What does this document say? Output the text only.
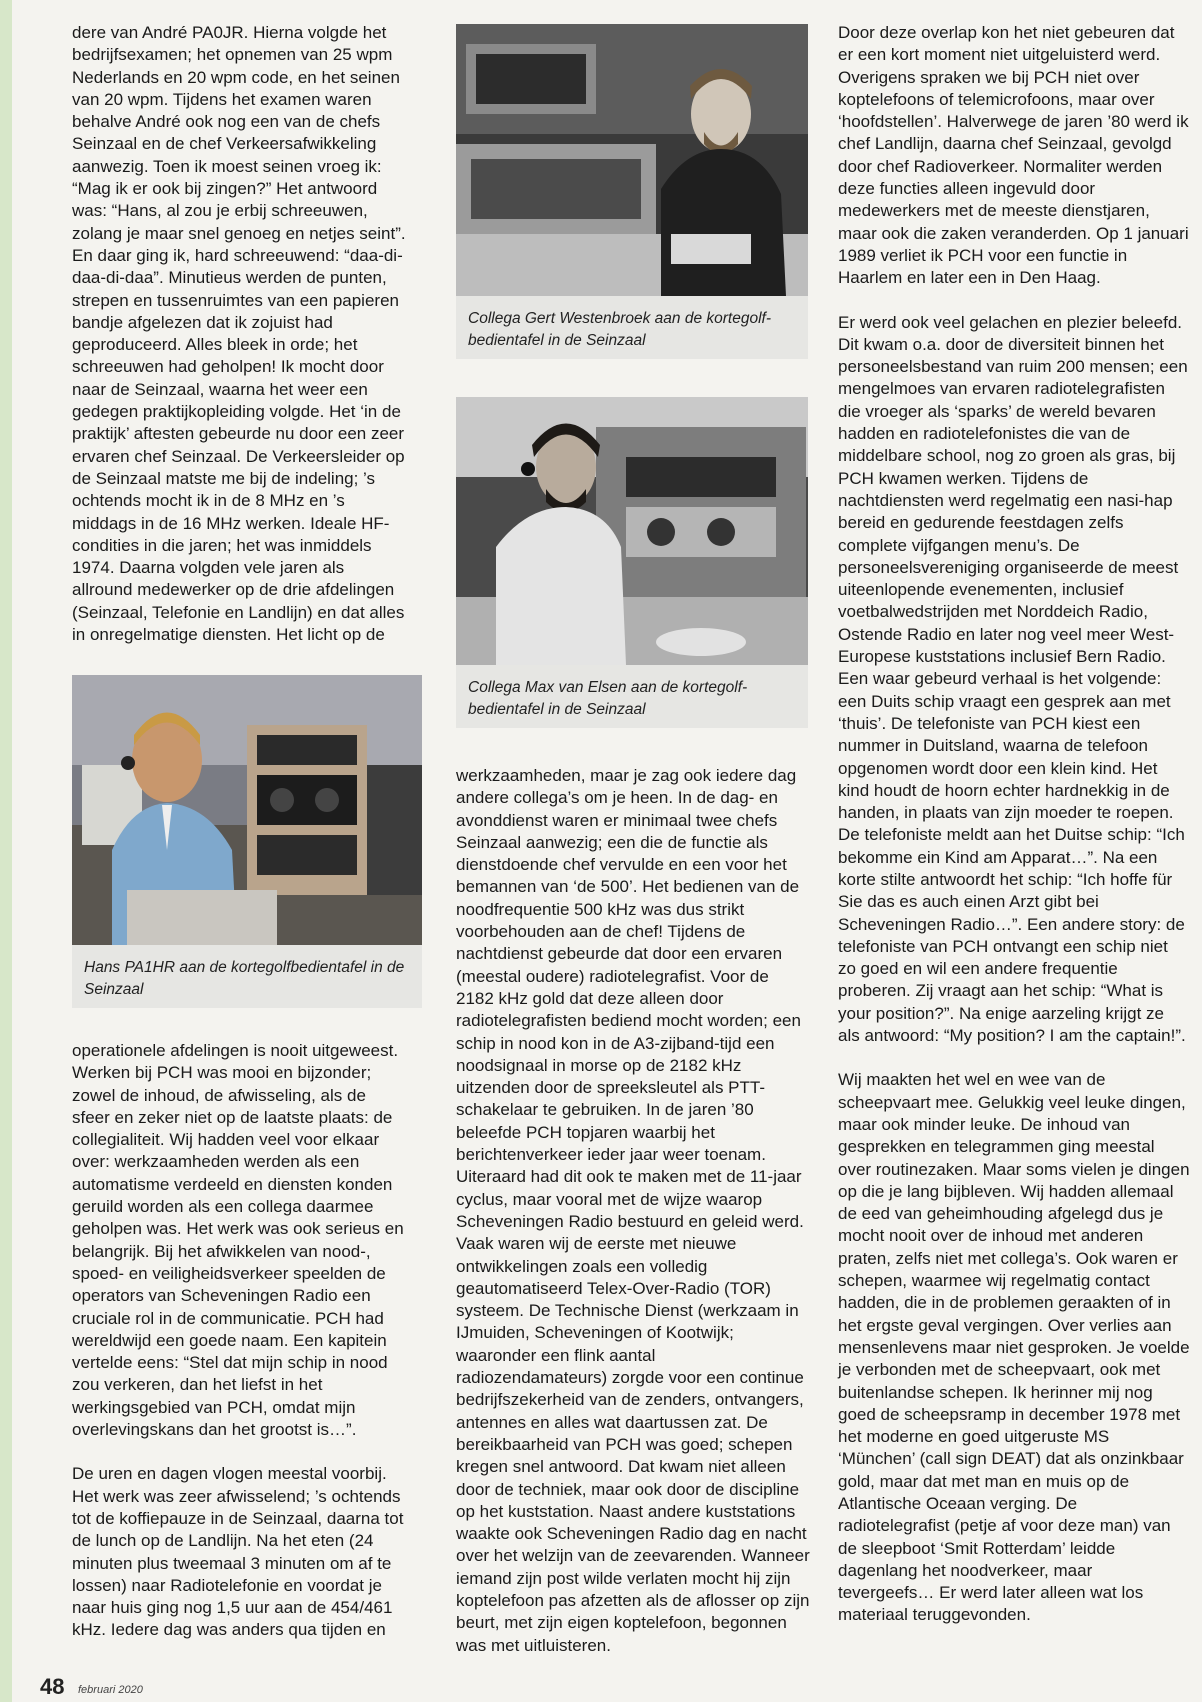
dere van André PA0JR. Hierna volgde het bedrijfsexamen; het opnemen van 25 wpm Nederlands en 20 wpm code, en het seinen van 20 wpm. Tijdens het examen waren behalve André ook nog een van de chefs Seinzaal en de chef Verkeersafwikkeling aanwezig. Toen ik moest seinen vroeg ik: “Mag ik er ook bij zingen?” Het antwoord was: “Hans, al zou je erbij schreeuwen, zolang je maar snel genoeg en netjes seint”. En daar ging ik, hard schreeuwend: “daa-di-daa-di-daa”. Minutieus werden de punten, strepen en tussenruimtes van een papieren bandje afgelezen dat ik zojuist had geproduceerd. Alles bleek in orde; het schreeuwen had geholpen! Ik mocht door naar de Seinzaal, waarna het weer een gedegen praktijkopleiding volgde. Het ‘in de praktijk’ aftesten gebeurde nu door een zeer ervaren chef Seinzaal. De Verkeersleider op de Seinzaal matste me bij de indeling; ’s ochtends mocht ik in de 8 MHz en ’s middags in de 16 MHz werken. Ideale HF-condities in die jaren; het was inmiddels 1974. Daarna volgden vele jaren als allround medewerker op de drie afdelingen (Seinzaal, Telefonie en Landlijn) en dat alles in onregelmatige diensten. Het licht op de

Hans PA1HR aan de kortegolfbedientafel in de Seinzaal

operationele afdelingen is nooit uitgeweest. Werken bij PCH was mooi en bijzonder; zowel de inhoud, de afwisseling, als de sfeer en zeker niet op de laatste plaats: de collegialiteit. Wij hadden veel voor elkaar over: werkzaamheden werden als een automatisme verdeeld en diensten konden geruild worden als een collega daarmee geholpen was. Het werk was ook serieus en belangrijk. Bij het afwikkelen van nood-, spoed- en veiligheidsverkeer speelden de operators van Scheveningen Radio een cruciale rol in de communicatie. PCH had wereldwijd een goede naam. Een kapitein vertelde eens: “Stel dat mijn schip in nood zou verkeren, dan het liefst in het werkingsgebied van PCH, omdat mijn overlevingskans dan het grootst is…”.

De uren en dagen vlogen meestal voorbij. Het werk was zeer afwisselend; ’s ochtends tot de koffiepauze in de Seinzaal, daarna tot de lunch op de Landlijn. Na het eten (24 minuten plus tweemaal 3 minuten om af te lossen) naar Radiotelefonie en voordat je naar huis ging nog 1,5 uur aan de 454/461 kHz. Iedere dag was anders qua tijden en

Collega Gert Westenbroek aan de kortegolf-bedientafel in de Seinzaal
Collega Max van Elsen aan de kortegolf-bedientafel in de Seinzaal

werkzaamheden, maar je zag ook iedere dag andere collega’s om je heen. In de dag- en avonddienst waren er minimaal twee chefs Seinzaal aanwezig; een die de functie als dienstdoende chef vervulde en een voor het bemannen van ‘de 500’. Het bedienen van de noodfrequentie 500 kHz was dus strikt voorbehouden aan de chef! Tijdens de nachtdienst gebeurde dat door een ervaren (meestal oudere) radiotelegrafist. Voor de 2182 kHz gold dat deze alleen door radiotelegrafisten bediend mocht worden; een schip in nood kon in de A3-zijband-tijd een noodsignaal in morse op de 2182 kHz uitzenden door de spreeksleutel als PTT-schakelaar te gebruiken. In de jaren ’80 beleefde PCH topjaren waarbij het berichtenverkeer ieder jaar weer toenam. Uiteraard had dit ook te maken met de 11-jaar cyclus, maar vooral met de wijze waarop Scheveningen Radio bestuurd en geleid werd. Vaak waren wij de eerste met nieuwe ontwikkelingen zoals een volledig geautomatiseerd Telex-Over-Radio (TOR) systeem. De Technische Dienst (werkzaam in IJmuiden, Scheveningen of Kootwijk; waaronder een flink aantal radiozendamateurs) zorgde voor een continue bedrijfszekerheid van de zenders, ontvangers, antennes en alles wat daartussen zat. De bereikbaarheid van PCH was goed; schepen kregen snel antwoord. Dat kwam niet alleen door de techniek, maar ook door de discipline op het kuststation. Naast andere kuststations waakte ook Scheveningen Radio dag en nacht over het welzijn van de zeevarenden. Wanneer iemand zijn post wilde verlaten mocht hij zijn koptelefoon pas afzetten als de aflosser op zijn beurt, met zijn eigen koptelefoon, begonnen was met uitluisteren.

Door deze overlap kon het niet gebeuren dat er een kort moment niet uitgeluisterd werd. Overigens spraken we bij PCH niet over koptelefoons of telemicrofoons, maar over ‘hoofdstellen’. Halverwege de jaren ’80 werd ik chef Landlijn, daarna chef Seinzaal, gevolgd door chef Radioverkeer. Normaliter werden deze functies alleen ingevuld door medewerkers met de meeste dienstjaren, maar ook die zaken veranderden. Op 1 januari 1989 verliet ik PCH voor een functie in Haarlem en later een in Den Haag.

Er werd ook veel gelachen en plezier beleefd. Dit kwam o.a. door de diversiteit binnen het personeelsbestand van ruim 200 mensen; een mengelmoes van ervaren radiotelegrafisten die vroeger als ‘sparks’ de wereld bevaren hadden en radiotelefonistes die van de middelbare school, nog zo groen als gras, bij PCH kwamen werken. Tijdens de nachtdiensten werd regelmatig een nasi-hap bereid en gedurende feestdagen zelfs complete vijfgangen menu’s. De personeelsvereniging organiseerde de meest uiteenlopende evenementen, inclusief voetbalwedstrijden met Norddeich Radio, Ostende Radio en later nog veel meer West-Europese kuststations inclusief Bern Radio. Een waar gebeurd verhaal is het volgende: een Duits schip vraagt een gesprek aan met ‘thuis’. De telefoniste van PCH kiest een nummer in Duitsland, waarna de telefoon opgenomen wordt door een klein kind. Het kind houdt de hoorn echter hardnekkig in de handen, in plaats van zijn moeder te roepen. De telefoniste meldt aan het Duitse schip: “Ich bekomme ein Kind am Apparat…”. Na een korte stilte antwoordt het schip: “Ich hoffe für Sie das es auch einen Arzt gibt bei Scheveningen Radio…”. Een andere story: de telefoniste van PCH ontvangt een schip niet zo goed en wil een andere frequentie proberen. Zij vraagt aan het schip: “What is your position?”. Na enige aarzeling krijgt ze als antwoord: “My position? I am the captain!”.

Wij maakten het wel en wee van de scheepvaart mee. Gelukkig veel leuke dingen, maar ook minder leuke. De inhoud van gesprekken en telegrammen ging meestal over routinezaken. Maar soms vielen je dingen op die je lang bijbleven. Wij hadden allemaal de eed van geheimhouding afgelegd dus je mocht nooit over de inhoud met anderen praten, zelfs niet met collega’s. Ook waren er schepen, waarmee wij regelmatig contact hadden, die in de problemen geraakten of in het ergste geval vergingen. Over verlies aan mensenlevens maar niet gesproken. Je voelde je verbonden met de scheepvaart, ook met buitenlandse schepen. Ik herinner mij nog goed de scheepsramp in december 1978 met het moderne en goed uitgeruste MS ‘München’ (call sign DEAT) dat als onzinkbaar gold, maar dat met man en muis op de Atlantische Oceaan verging. De radiotelegrafist (petje af voor deze man) van de sleepboot ‘Smit Rotterdam’ leidde dagenlang het noodverkeer, maar tevergeefs… Er werd later alleen wat los materiaal teruggevonden.

48 februari 2020
